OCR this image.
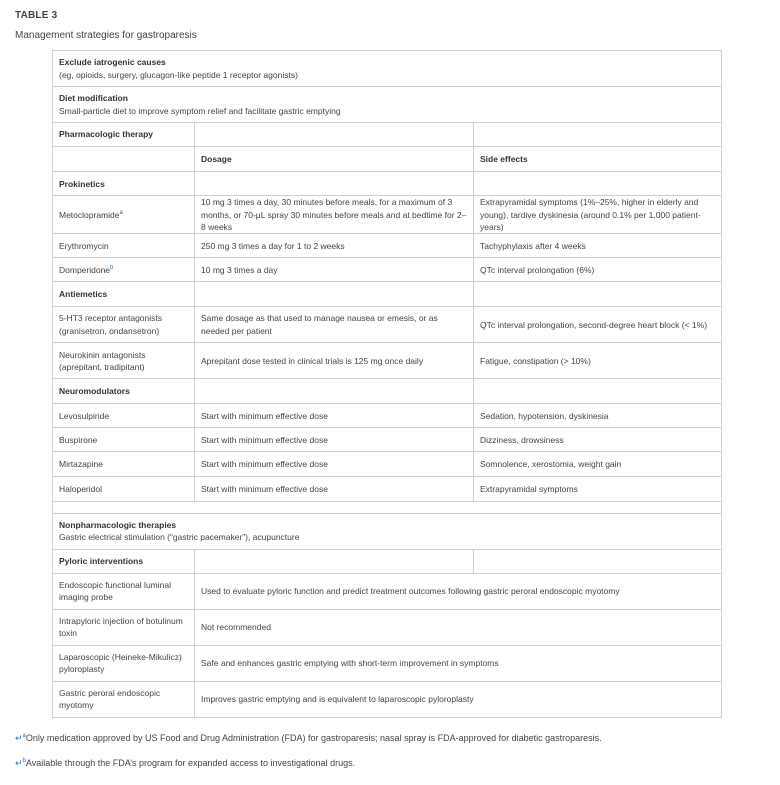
TABLE 3
Management strategies for gastroparesis
Exclude iatrogenic causes
(eg, opioids, surgery, glucagon-like peptide 1 receptor agonists)		

Diet modification
Small-particle diet to improve symptom relief and facilitate gastric emptying		

Pharmacologic therapy		
	Dosage	Side effects
Prokinetics		
Metoclopramide$^a$	10 mg 3 times a day, 30 minutes before meals, for a maximum of 3 months, or 70-μL spray 30 minutes before meals and at bedtime for 2–8 weeks	Extrapyramidal symptoms (1%–25%, higher in elderly and young), tardive dyskinesia (around 0.1% per 1,000 patient-years)
Erythromycin	250 mg 3 times a day for 1 to 2 weeks	Tachyphylaxis after 4 weeks
Domperidone$^b$	10 mg 3 times a day	QTc interval prolongation (6%)
Antiemetics		
5-HT3 receptor antagonists (granisetron, ondansetron)	Same dosage as that used to manage nausea or emesis, or as needed per patient	QTc interval prolongation, second-degree heart block (< 1%)
Neurokinin antagonists (aprepitant, tradipitant)	Aprepitant dose tested in clinical trials is 125 mg once daily	Fatigue, constipation (> 10%)
Neuromodulators		
Levosulpiride	Start with minimum effective dose	Sedation, hypotension, dyskinesia
Buspirone	Start with minimum effective dose	Dizziness, drowsiness
Mirtazapine	Start with minimum effective dose	Somnolence, xerostomia, weight gain
Haloperidol	Start with minimum effective dose	Extrapyramidal symptoms

Nonpharmacologic therapies
Gastric electrical stimulation (“gastric pacemaker”), acupuncture		

Pyloric interventions		
Endoscopic functional luminal imaging probe	Used to evaluate pyloric function and predict treatment outcomes following gastric peroral endoscopic myotomy	
Intrapyloric injection of botulinum toxin	Not recommended	
Laparoscopic (Heineke-Mikulicz) pyloroplasty	Safe and enhances gastric emptying with short-term improvement in symptoms	
Gastric peroral endoscopic myotomy	Improves gastric emptying and is equivalent to laparoscopic pyloroplasty	
↵$^a$Only medication approved by US Food and Drug Administration (FDA) for gastroparesis; nasal spray is FDA-approved for diabetic gastroparesis.
↵$^b$Available through the FDA’s program for expanded access to investigational drugs.
